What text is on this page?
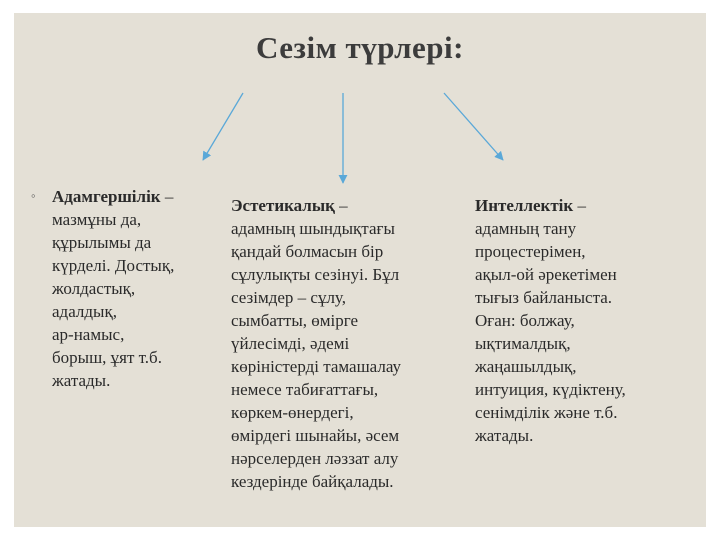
Сезім түрлері:
◦ Адамгершілік –
мазмұны да,
құрылымы да
күрделі. Достық,
жолдастық,
адалдық,
ар-намыс,
борыш, ұят т.б.
жатады.
Эстетикалық –
адамның шындықтағы
қандай болмасын бір
сұлулықты сезінуі. Бұл
сезімдер – сұлу,
сымбатты, өмірге
үйлесімді, әдемі
көріністерді тамашалау
немесе табиғаттағы,
көркем-өнердегі,
өмірдегі шынайы, әсем
нәрселерден ләззат алу
кездерінде байқалады.
Интеллектік –
адамның тану
процестерімен,
ақыл-ой әрекетімен
тығыз байланыста.
Оған: болжау,
ықтималдық,
жаңашылдық,
интуиция, күдіктену,
сенімділік және т.б.
жатады.
